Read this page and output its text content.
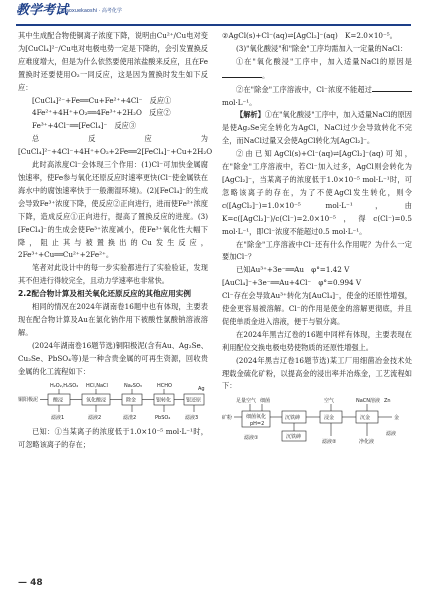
教学考试
Jiaoxuekaoshi · 高考化学

其中生成配合物使铜离子浓度下降，说明由Cu²⁺/Cu电对变为[CuCl₄]²⁻/Cu电对电极电势一定是下降的，会引发置换反应难度增大，但是为什么依然要使用浓盐酸来反应，且在Fe置换时还要使用O₂一同反应，这是因为置换时发生如下反应：

[CuCl₄]²⁻+Fe══Cu+Fe²⁺+4Cl⁻　反应①

4Fe²⁺+4H⁺+O₂══4Fe³⁺+2H₂O　反应②

Fe³⁺+4Cl⁻══[FeCl₄]⁻　反应③

总反应为[CuCl₄]²⁻+4Cl⁻+4H⁺+O₂+2Fe══2[FeCl₄]⁻+Cu+2H₂O

此时高浓度Cl⁻会体现三个作用：(1)Cl⁻可加快金属腐蚀速率，使Fe参与氧化还原反应时速率更快(Cl⁻使金属铁在海水中的腐蚀速率快于一般潮湿环境)。(2)[FeCl₄]⁻的生成会导致Fe³⁺浓度下降，使反应②正向进行，进而使Fe²⁺浓度下降，造成反应①正向进行，提高了置换反应的进度。(3)[FeCl₄]⁻的生成会使Fe³⁺浓度减小，使Fe³⁺氧化性大幅下降，阻止其与被置换出的Cu发生反应，2Fe³⁺+Cu══Cu²⁺+2Fe²⁺。

笔者对此设计中的每一步实验都进行了实验验证，发现其不但进行得较完全，且动力学速率也非常快。

2.2配合物计算及相关氧化还原反应的其他应用实例

相同的情况在2024年湖南卷16题中也有体现，主要表现在配合物计算及Au在氯化钠作用下被酸性氯酸钠溶液溶解。

(2024年湖南卷16题节选)铜阳极泥(含有Au、Ag₂Se、Cu₂Se、PbSO₄等)是一种含贵金属的可再生资源，回收贵金属的化工流程如下：

铜阳极泥
H₂O₂,H₂SO₄ HCl,NaCl	Na₂SO₃	HCHO
酸浸	氧化酸浸	除金	银转化	银还原
滤液1	滤液2	滤渣2	PbSO₄	滤液3
Ag

已知：①当某离子的浓度低于1.0×10⁻⁵ mol·L⁻¹时，可忽略该离子的存在；

②AgCl(s)+Cl⁻(aq)⇌[AgCl₂]⁻(aq)　K=2.0×10⁻⁵。

(3)"氧化酸浸"和"除金"工序均需加入一定量的NaCl：

①在"氧化酸浸"工序中，加入适量NaCl的原因是。

②在"除金"工序溶液中，Cl⁻浓度不能超过mol·L⁻¹。

【解析】①在"氧化酸浸"工序中，加入适量NaCl的原因是使Ag₂Se完全转化为AgCl，NaCl过少会导致转化不完全，而NaCl过量又会使AgCl转化为[AgCl₂]⁻。

②由已知AgCl(s)+Cl⁻(aq)⇌[AgCl₂]⁻(aq)可知，在"除金"工序溶液中，若Cl⁻加入过多，AgCl则会转化为[AgCl₂]⁻，当某离子的浓度低于1.0×10⁻⁵ mol·L⁻¹时，可忽略该离子的存在，为了不使AgCl发生转化，则令c([AgCl₂]⁻)=1.0×10⁻⁵ mol·L⁻¹，由K=c([AgCl₂]⁻)/c(Cl⁻)=2.0×10⁻⁵，得c(Cl⁻)=0.5 mol·L⁻¹，即Cl⁻浓度不能超过0.5 mol·L⁻¹。

在"除金"工序溶液中Cl⁻还有什么作用呢？为什么一定要加Cl⁻？

已知Au³⁺+3e⁻══Au　φ°=1.42 V

[AuCl₄]⁻+3e⁻══Au+4Cl⁻　φ°=0.994 V

Cl⁻存在会导致Au³⁺转化为[AuCl₄]⁻，使金的还原性增强，使金更容易被溶解。Cl⁻的作用是使金的溶解更彻底，并且促使单质金进入溶液，便于与银分离。

在2024年黑吉辽卷的16题中同样有体现，主要表现在利用配位交换电极电势使物质的还原性增强上。

(2024年黑吉辽卷16题节选)某工厂用细菌冶金技术处理载金硫化矿粉，以提高金的浸出率并冶炼金，工艺流程如下：

足量空气 细菌	空气	NaCN溶液 Zn
矿粉	细菌氧化
pH=2
沉铁砷	浸金	沉金	金
滤液①	沉铁砷
滤液②	净化液
滤液
— 48
